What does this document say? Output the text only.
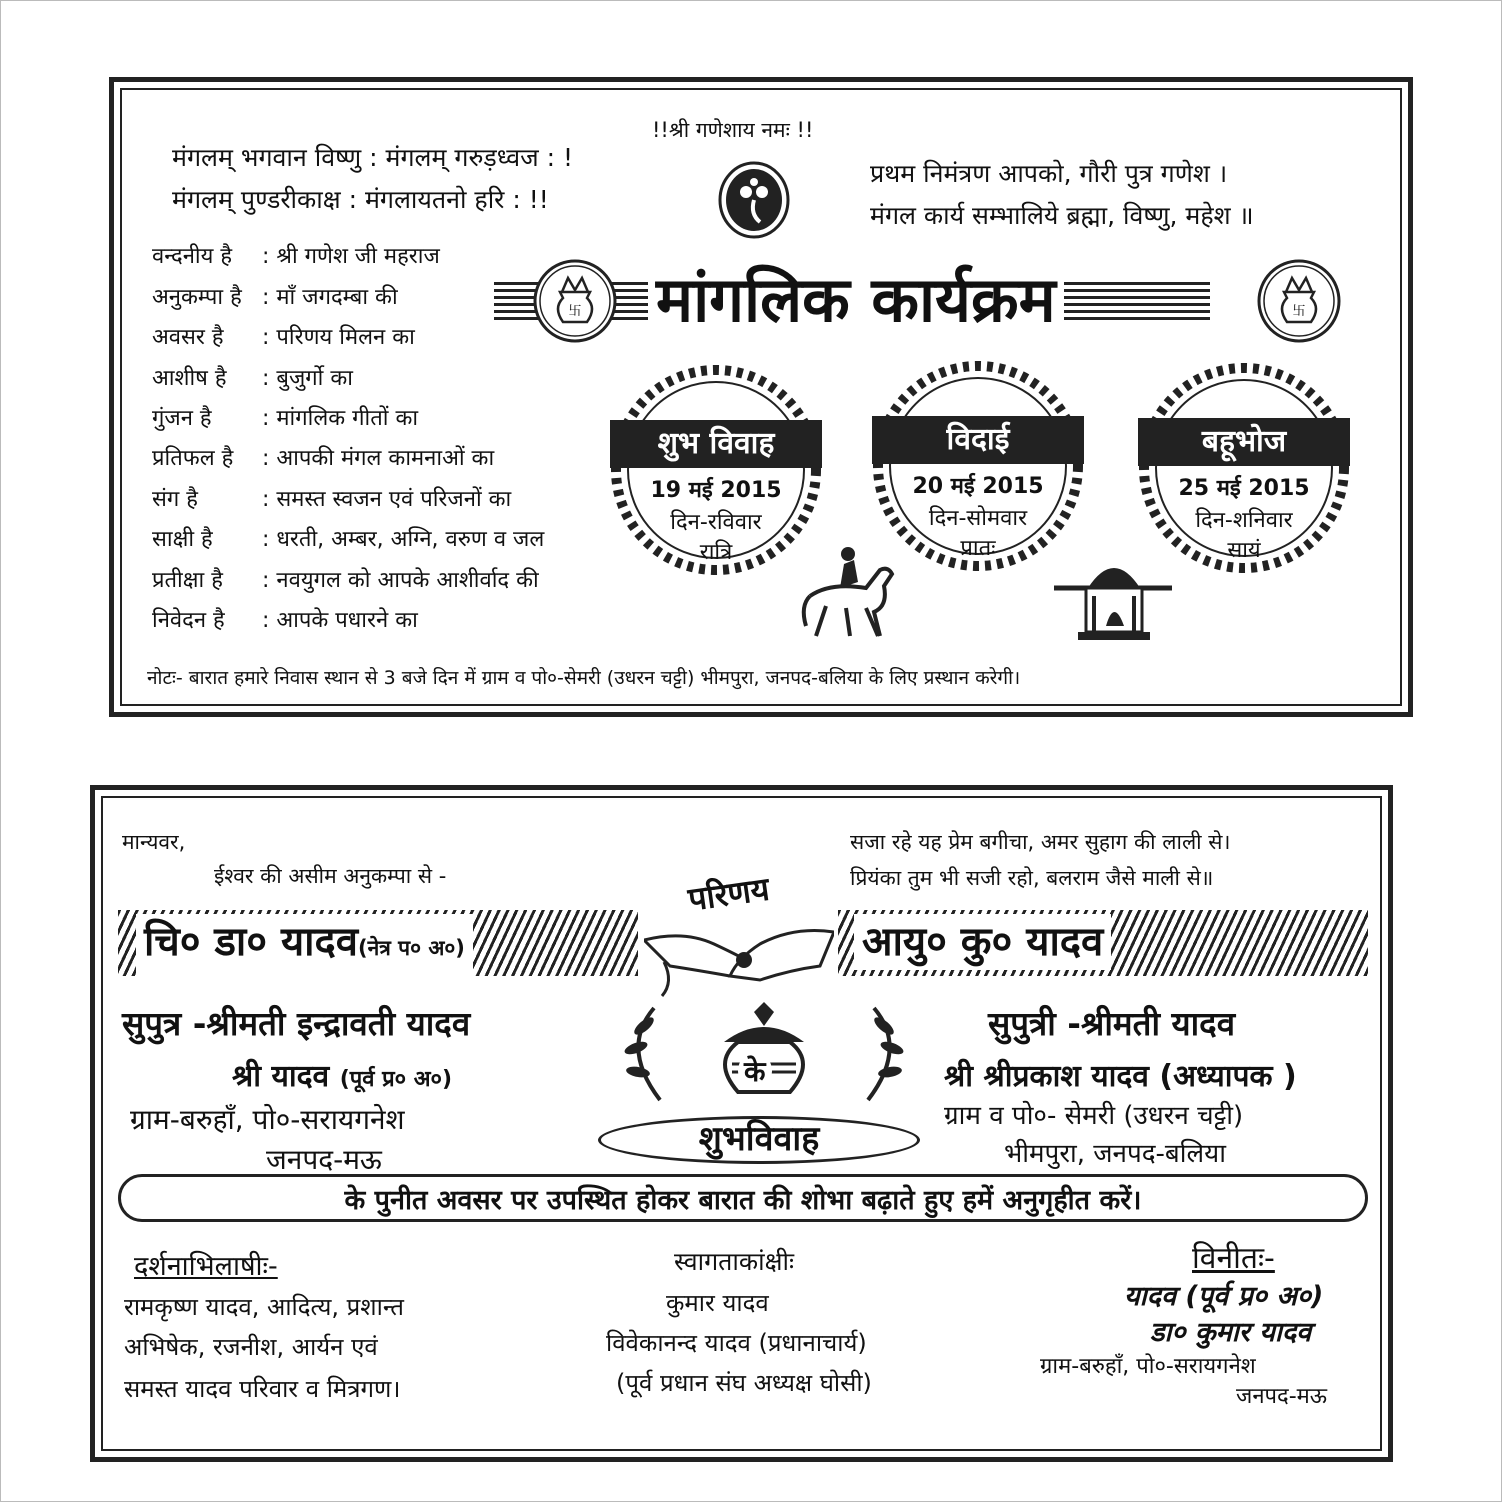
!!श्री गणेशाय नमः !!
मंगलम् भगवान विष्णु : मंगलम् गरुड़ध्वज : !
मंगलम् पुण्डरीकाक्ष : मंगलायतनो हरि : !!
प्रथम निमंत्रण आपको, गौरी पुत्र गणेश ।
मंगल कार्य सम्भालिये ब्रह्मा, विष्णु, महेश ॥
मांगलिक कार्यक्रम
卐	卐
वन्दनीय है : श्री गणेश जी महराज
अनुकम्पा है : माँ जगदम्बा की
अवसर है : परिणय मिलन का
आशीष है : बुजुर्गो का
गुंजन है : मांगलिक गीतों का
प्रतिफल है : आपकी मंगल कामनाओं का
संग है	: समस्त स्वजन एवं परिजनों का
साक्षी है : धरती, अम्बर, अग्नि, वरुण व जल
प्रतीक्षा है : नवयुगल को आपके आशीर्वाद की
निवेदन है : आपके पधारने का
शुभ विवाह
19 मई 2015
दिन-रविवार
रात्रि
विदाई
20 मई 2015
दिन-सोमवार
प्रातः
बहूभोज
25 मई 2015
दिन-शनिवार
सायं
नोटः- बारात हमारे निवास स्थान से 3 बजे दिन में ग्राम व पो०-सेमरी (उधरन चट्टी) भीमपुरा, जनपद-बलिया के लिए प्रस्थान करेगी।
मान्यवर,
ईश्वर की असीम अनुकम्पा से -
सजा रहे यह प्रेम बगीचा, अमर सुहाग की लाली से।
प्रियंका तुम भी सजी रहो, बलराम जैसे माली से॥
परिणय
चि० डा० यादव(नेत्र प० अ०)	आयु० कु० यादव
के
शुभविवाह
सुपुत्र -श्रीमती इन्द्रावती यादव
श्री यादव (पूर्व प्र० अ०)
ग्राम-बरुहाँ, पो०-सरायगनेश
जनपद-मऊ
सुपुत्री -श्रीमती यादव
श्री श्रीप्रकाश यादव (अध्यापक )
ग्राम व पो०- सेमरी (उधरन चट्टी)
भीमपुरा, जनपद-बलिया
के पुनीत अवसर पर उपस्थित होकर बारात की शोभा बढ़ाते हुए हमें अनुगृहीत करें।
दर्शनाभिलाषीः-
रामकृष्ण यादव, आदित्य, प्रशान्त
अभिषेक, रजनीश, आर्यन एवं
समस्त यादव परिवार व मित्रगण।
स्वागताकांक्षीः
कुमार यादव
विवेकानन्द यादव (प्रधानाचार्य)
(पूर्व प्रधान संघ अध्यक्ष घोसी)
विनीतः-
यादव (पूर्व प्र० अ०)
डा० कुमार यादव
ग्राम-बरुहाँ, पो०-सरायगनेश
जनपद-मऊ
